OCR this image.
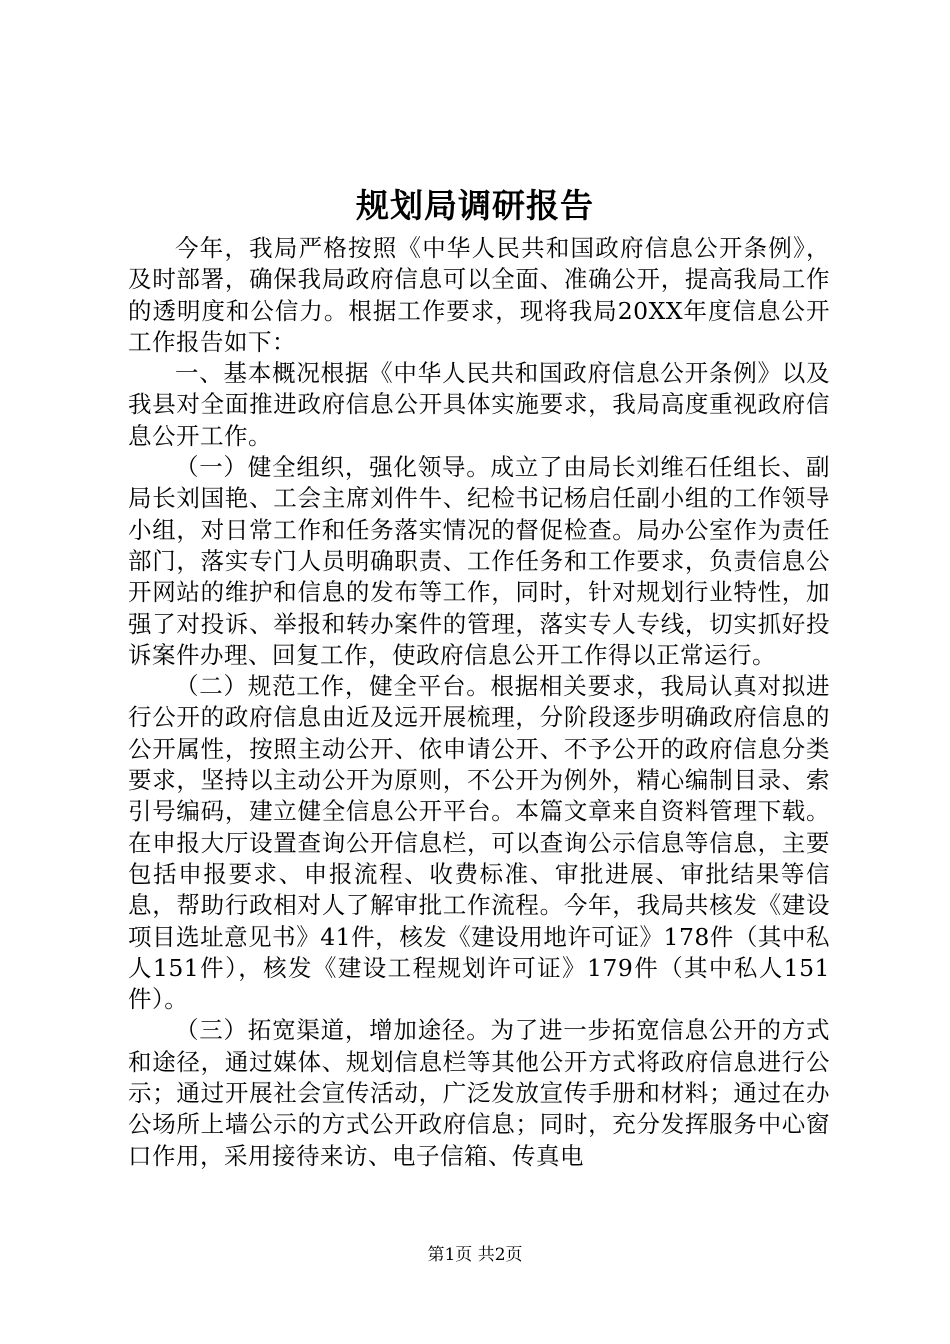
规划局调研报告

今年，我局严格按照《中华人民共和国政府信息公开条例》，及时部署，确保我局政府信息可以全面、准确公开，提高我局工作的透明度和公信力。根据工作要求，现将我局20XX年度信息公开工作报告如下：

一、基本概况根据《中华人民共和国政府信息公开条例》以及我县对全面推进政府信息公开具体实施要求，我局高度重视政府信息公开工作。

（一）健全组织，强化领导。成立了由局长刘维石任组长、副局长刘国艳、工会主席刘件牛、纪检书记杨启任副小组的工作领导小组，对日常工作和任务落实情况的督促检查。局办公室作为责任部门，落实专门人员明确职责、工作任务和工作要求，负责信息公开网站的维护和信息的发布等工作，同时，针对规划行业特性，加强了对投诉、举报和转办案件的管理，落实专人专线，切实抓好投诉案件办理、回复工作，使政府信息公开工作得以正常运行。

（二）规范工作，健全平台。根据相关要求，我局认真对拟进行公开的政府信息由近及远开展梳理，分阶段逐步明确政府信息的公开属性，按照主动公开、依申请公开、不予公开的政府信息分类要求，坚持以主动公开为原则，不公开为例外，精心编制目录、索引号编码，建立健全信息公开平台。本篇文章来自资料管理下载。在申报大厅设置查询公开信息栏，可以查询公示信息等信息，主要包括申报要求、申报流程、收费标准、审批进展、审批结果等信息，帮助行政相对人了解审批工作流程。今年，我局共核发《建设项目选址意见书》41件，核发《建设用地许可证》178件（其中私人151件），核发《建设工程规划许可证》179件（其中私人151件）。

（三）拓宽渠道，增加途径。为了进一步拓宽信息公开的方式和途径，通过媒体、规划信息栏等其他公开方式将政府信息进行公示；通过开展社会宣传活动，广泛发放宣传手册和材料；通过在办公场所上墙公示的方式公开政府信息；同时，充分发挥服务中心窗口作用，采用接待来访、电子信箱、传真电

第1页 共2页
